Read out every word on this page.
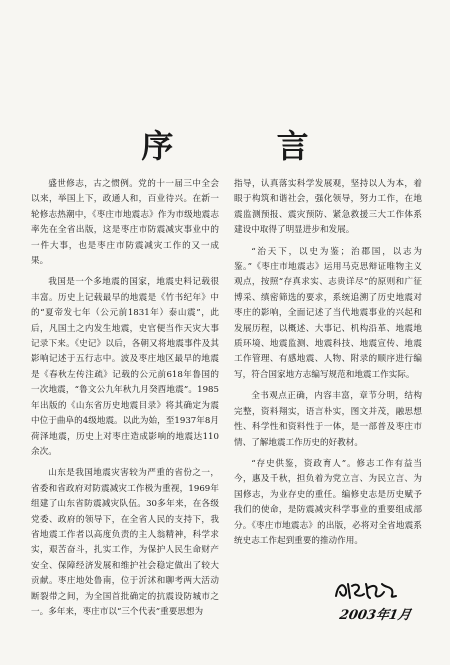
序 言

盛世修志，古之惯例。党的十一届三中全会以来，举国上下，政通人和，百业待兴。在新一轮修志热潮中，《枣庄市地震志》作为市级地震志率先在全省出版，这是枣庄市防震减灾事业中的一件大事，也是枣庄市防震减灾工作的又一成果。

我国是一个多地震的国家，地震史料记载很丰富。历史上记载最早的地震是《竹书纪年》中的“夏帝发七年（公元前1831年）泰山震”，此后，凡国土之内发生地震，史官便当作天灾大事记录下来。《史记》以后，各朝又将地震事件及其影响记述于五行志中。波及枣庄地区最早的地震是《春秋左传注疏》记载的公元前618年鲁国的一次地震，“鲁文公九年秋九月癸酉地震”。1985年出版的《山东省历史地震目录》将其确定为震中位于曲阜的4级地震。以此为始，至1937年8月荷泽地震，历史上对枣庄造成影响的地震达110余次。

山东是我国地震灾害较为严重的省份之一，省委和省政府对防震减灾工作极为重视，1969年组建了山东省防震减灾队伍。30多年来，在各级党委、政府的领导下，在全省人民的支持下，我省地震工作者以高度负责的主人翁精神，科学求实，艰苦奋斗，扎实工作，为保护人民生命财产安全、保障经济发展和维护社会稳定做出了较大贡献。枣庄地处鲁南，位于沂沭和聊考两大活动断裂带之间，为全国首批确定的抗震设防城市之一。多年来，枣庄市以“三个代表”重要思想为

指导，认真落实科学发展观，坚持以人为本，着眼于构筑和谐社会，强化领导，努力工作，在地震监测预报、震灾预防、紧急救援三大工作体系建设中取得了明显进步和发展。

“治天下，以史为鉴；治郡国，以志为鉴。”《枣庄市地震志》运用马克思辩证唯物主义观点，按照“存真求实、志贵详尽”的原则和广征博采、缜密筛选的要求，系统追溯了历史地震对枣庄的影响，全面记述了当代地震事业的兴起和发展历程，以概述、大事记、机构沿革、地震地质环境、地震监测、地震科技、地震宣传、地震工作管理、有感地震、人物、附录的顺序进行编写，符合国家地方志编写规范和地震工作实际。

全书观点正确，内容丰富，章节分明，结构完整，资料翔实，语言朴实，图文并茂，融思想性、科学性和资料性于一体，是一部普及枣庄市情、了解地震工作历史的好教材。

“存史供鉴，资政育人”。修志工作有益当今，惠及千秋，担负着为党立言、为民立言、为国修志，为业存史的重任。编修史志是历史赋予我们的使命，是防震减灾科学事业的重要组成部分。《枣庄市地震志》的出版，必将对全省地震系统史志工作起到重要的推动作用。

2003年1月
